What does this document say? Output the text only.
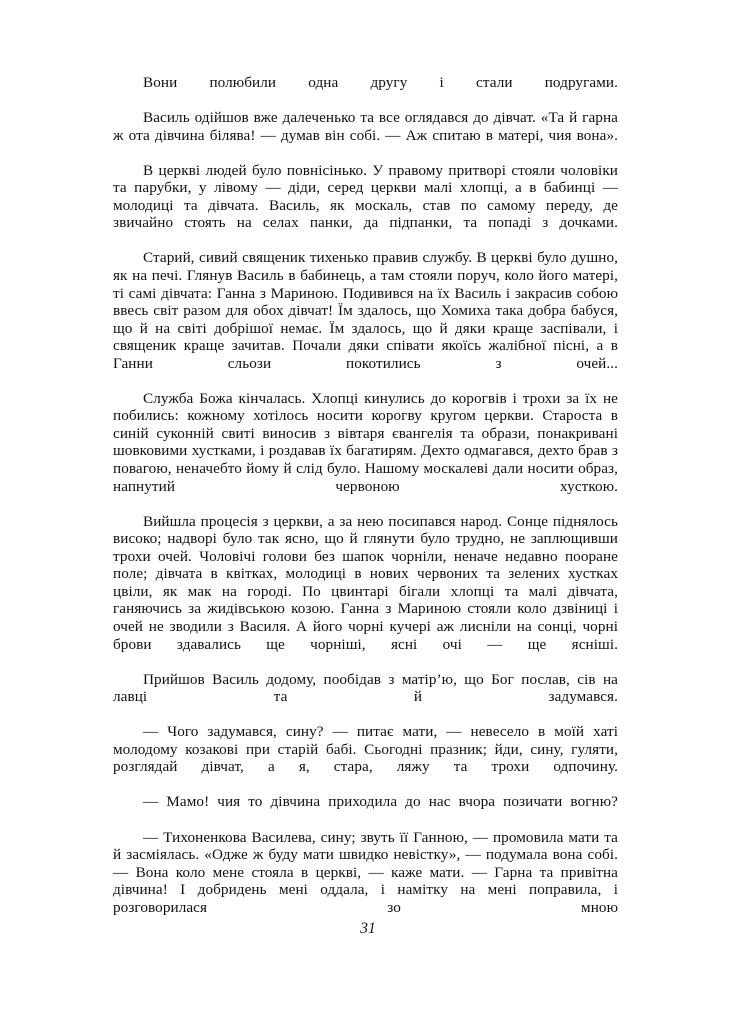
Вони полюбили одна другу і стали подругами.

Василь одійшов вже далеченько та все оглядався до дівчат. «Та й гарна ж ота дівчина білява! — думав він собі. — Аж спитаю в матері, чия вона».

В церкві людей було повнісінько. У правому притворі стояли чоловіки та парубки, у лівому — діди, серед церкви малі хлопці, а в бабинці — молодиці та дівчата. Василь, як москаль, став по самому переду, де звичайно стоять на селах панки, да підпанки, та попаді з дочками.

Старий, сивий священик тихенько правив службу. В церкві було душно, як на печі. Глянув Василь в бабинець, а там стояли поруч, коло його матері, ті самі дівчата: Ганна з Мариною. Подивився на їх Василь і закрасив собою ввесь світ разом для обох дівчат! Їм здалось, що Хомиха така добра бабуся, що й на світі добрішої немає. Їм здалось, що й дяки краще заспівали, і священик краще зачитав. Почали дяки співати якоїсь жалібної пісні, а в Ганни сльози покотились з очей...

Служба Божа кінчалась. Хлопці кинулись до корогвів і трохи за їх не побились: кожному хотілось носити корогву кругом церкви. Староста в синій суконній свиті виносив з вівтаря євангелія та образи, понакривані шовковими хустками, і роздавав їх багатирям. Дехто одмагався, дехто брав з повагою, неначебто йому й слід було. Нашому москалеві дали носити образ, напнутий червоною хусткою.

Вийшла процесія з церкви, а за нею посипався народ. Сонце піднялось високо; надворі було так ясно, що й глянути було трудно, не заплющивши трохи очей. Чоловічі голови без шапок чорніли, неначе недавно пооране поле; дівчата в квітках, молодиці в нових червоних та зелених хустках цвіли, як мак на городі. По цвинтарі бігали хлопці та малі дівчата, ганяючись за жидівською козою. Ганна з Мариною стояли коло дзвіниці і очей не зводили з Василя. А його чорні кучері аж лисніли на сонці, чорні брови здавались ще чорніші, ясні очі — ще ясніші.

Прийшов Василь додому, пообідав з матір’ю, що Бог послав, сів на лавці та й задумався.

— Чого задумався, сину? — питає мати, — невесело в моїй хаті молодому козакові при старій бабі. Сьогодні празник; йди, сину, гуляти, розглядай дівчат, а я, стара, ляжу та трохи одпочину.

— Мамо! чия то дівчина приходила до нас вчора позичати вогню?

— Тихоненкова Василева, сину; звуть її Ганною, — промовила мати та й засміялась. «Одже ж буду мати швидко невістку», — подумала вона собі. — Вона коло мене стояла в церкві, — каже мати. — Гарна та привітна дівчина! І добридень мені оддала, і намітку на мені поправила, і розговорилася зо мною

31
